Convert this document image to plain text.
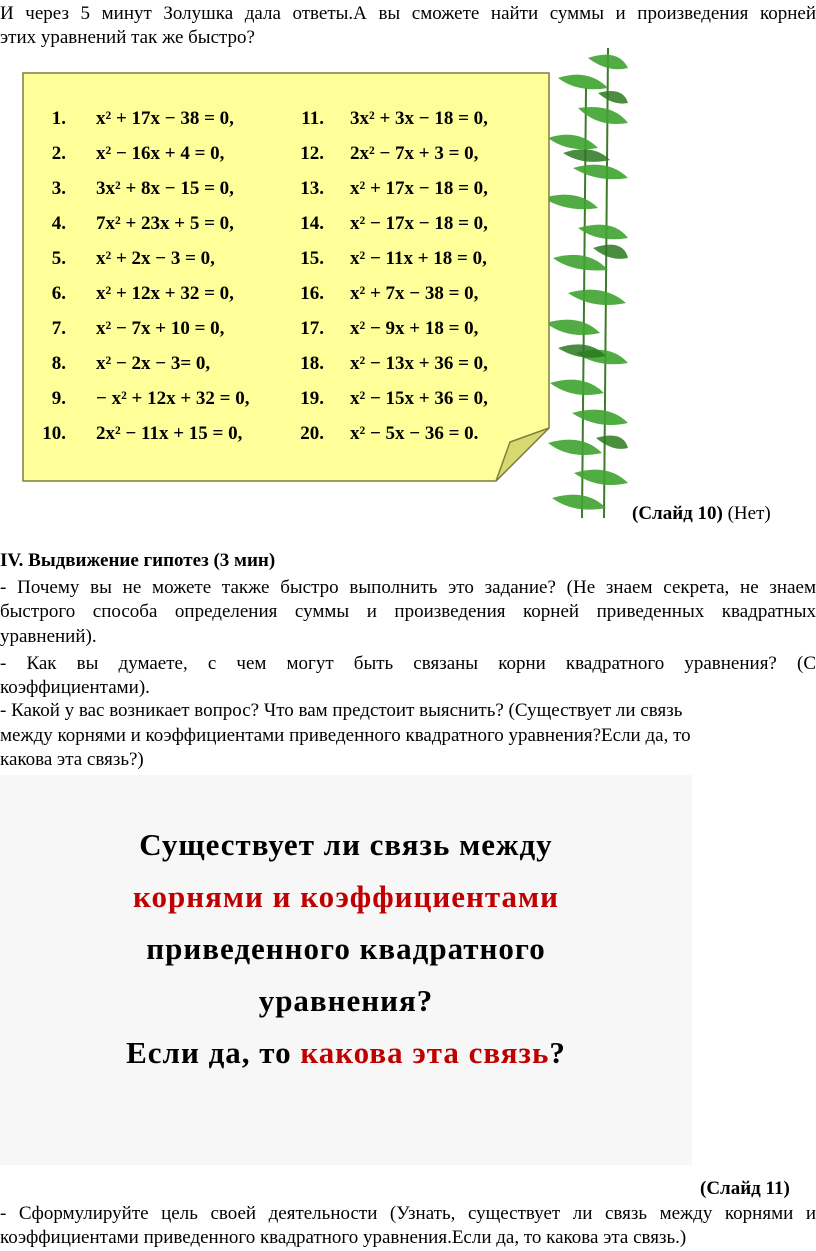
И через 5 минут Золушка дала ответы.А вы сможете найти суммы и произведения корней
этих уравнений так же быстро?
1. x² + 17x − 38 = 0,
2. x² − 16x + 4 = 0,
3. 3x² + 8x − 15 = 0,
4. 7x² + 23x + 5 = 0,
5. x² + 2x − 3 = 0,
6. x² + 12x + 32 = 0,
7. x² − 7x + 10 = 0,
8. x² − 2x − 3= 0,
9. − x² + 12x + 32 = 0,
10. 2x² − 11x + 15 = 0,
11. 3x² + 3x − 18 = 0,
12. 2x² − 7x + 3 = 0,
13. x² + 17x − 18 = 0,
14. x² − 17x − 18 = 0,
15. x² − 11x + 18 = 0,
16. x² + 7x − 38 = 0,
17. x² − 9x + 18 = 0,
18. x² − 13x + 36 = 0,
19. x² − 15x + 36 = 0,
20. x² − 5x − 36 = 0.
(Слайд 10) (Нет)
IV. Выдвижение гипотез (3 мин)
- Почему вы не можете также быстро выполнить это задание? (Не знаем секрета, не знаем
быстрого способа определения суммы и произведения корней приведенных квадратных
уравнений).
- Как вы думаете, с чем могут быть связаны корни квадратного уравнения? (С
коэффициентами).
- Какой у вас возникает вопрос? Что вам предстоит выяснить? (Существует ли связь
между корнями и коэффициентами приведенного квадратного уравнения?Если да, то
какова эта связь?)
Существует ли связь между
корнями и коэффициентами
приведенного квадратного
уравнения?
Если да, то какова эта связь?
(Слайд 11)
- Сформулируйте цель своей деятельности (Узнать, существует ли связь между корнями и
коэффициентами приведенного квадратного уравнения.Если да, то какова эта связь.)
